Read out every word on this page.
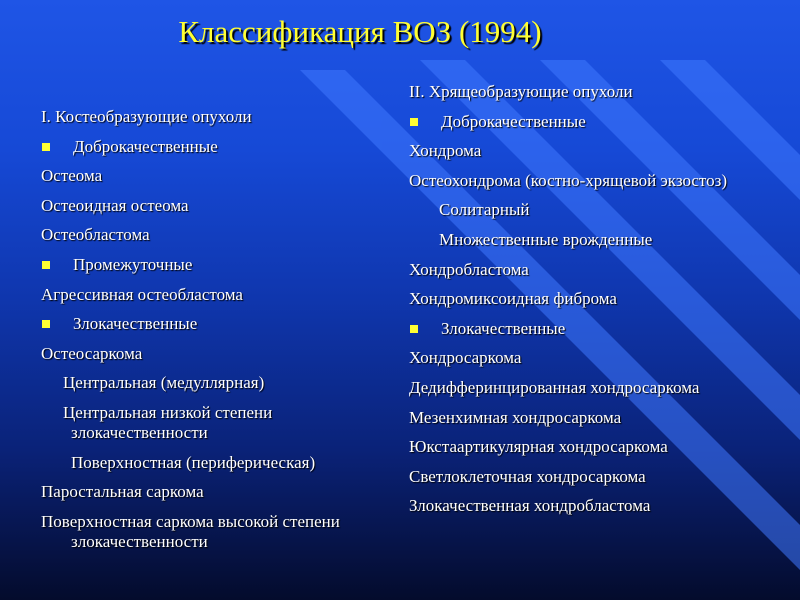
Классификация ВОЗ (1994)
I. Костеобразующие опухоли
Доброкачественные
Остеома
Остеоидная остеома
Остеобластома
Промежуточные
Агрессивная остеобластома
Злокачественные
Остеосаркома
Центральная (медуллярная)
Центральная низкой степени злокачественности
Поверхностная (периферическая)
Паростальная саркома
Поверхностная саркома высокой степени злокачественности
II. Хрящеобразующие опухоли
Доброкачественные
Хондрома
Остеохондрома (костно-хрящевой экзостоз)
Солитарный
Множественные врожденные
Хондробластома
Хондромиксоидная фиброма
Злокачественные
Хондросаркома
Дедифферинцированная хондросаркома
Мезенхимная хондросаркома
Юкстаартикулярная хондросаркома
Светлоклеточная хондросаркома
Злокачественная хондробластома
